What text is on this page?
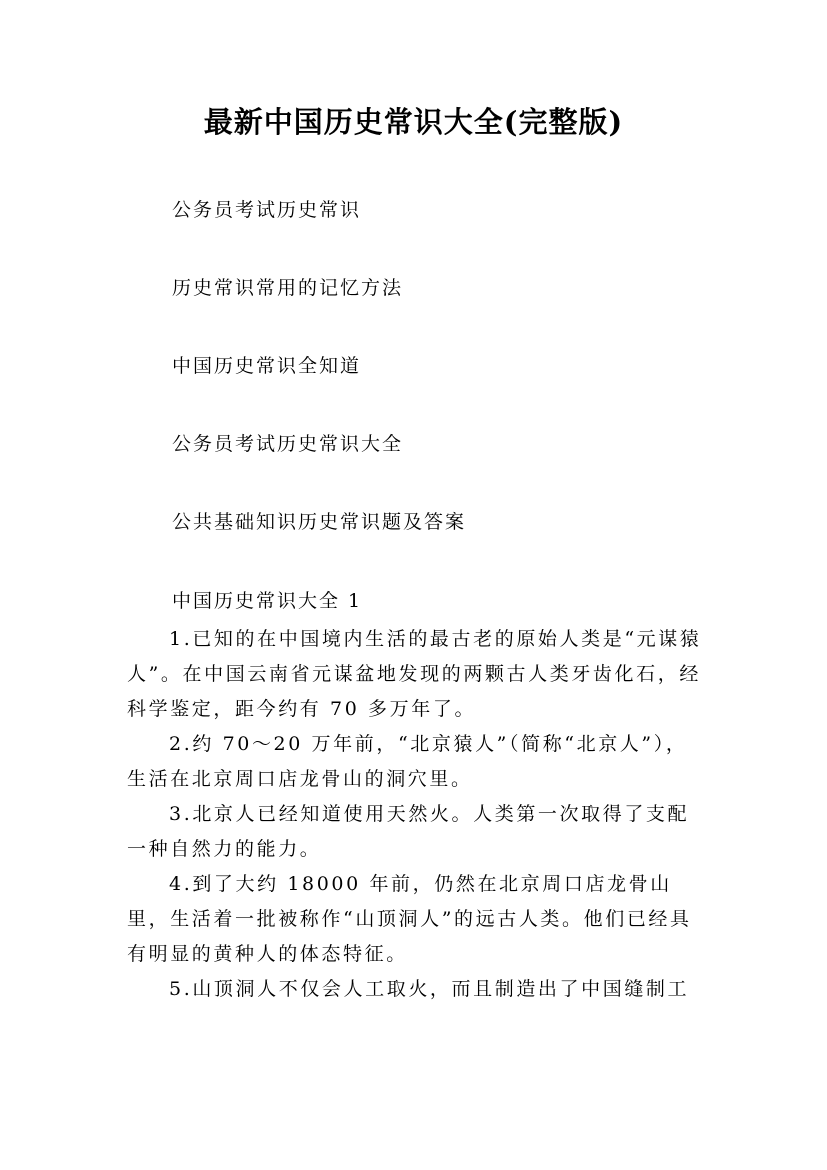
最新中国历史常识大全(完整版)
公务员考试历史常识
历史常识常用的记忆方法
中国历史常识全知道
公务员考试历史常识大全
公共基础知识历史常识题及答案
中国历史常识大全 1

1.已知的在中国境内生活的最古老的原始人类是“元谋猿人”。在中国云南省元谋盆地发现的两颗古人类牙齿化石，经科学鉴定，距今约有 70 多万年了。

2.约 70～20 万年前，“北京猿人”（简称“北京人”），生活在北京周口店龙骨山的洞穴里。

3.北京人已经知道使用天然火。人类第一次取得了支配一种自然力的能力。

4.到了大约 18000 年前，仍然在北京周口店龙骨山里，生活着一批被称作“山顶洞人”的远古人类。他们已经具有明显的黄种人的体态特征。

5.山顶洞人不仅会人工取火，而且制造出了中国缝制工
